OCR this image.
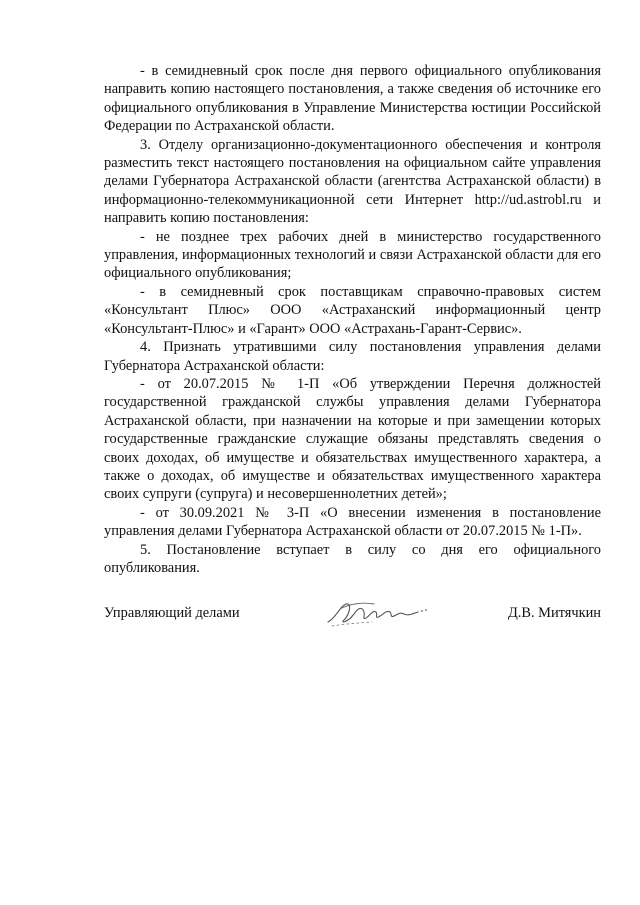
- в семидневный срок после дня первого официального опубликования направить копию настоящего постановления, а также сведения об источнике его официального опубликования в Управление Министерства юстиции Российской Федерации по Астраханской области.

3. Отделу организационно-документационного обеспечения и контроля разместить текст настоящего постановления на официальном сайте управления делами Губернатора Астраханской области (агентства Астраханской области) в информационно-телекоммуникационной сети Интернет http://ud.astrobl.ru и направить копию постановления:

- не позднее трех рабочих дней в министерство государственного управления, информационных технологий и связи Астраханской области для его официального опубликования;

- в семидневный срок поставщикам справочно-правовых систем «Консультант Плюс» ООО «Астраханский информационный центр «Консультант-Плюс» и «Гарант» ООО «Астрахань-Гарант-Сервис».

4. Признать утратившими силу постановления управления делами Губернатора Астраханской области:

- от 20.07.2015 № 1-П «Об утверждении Перечня должностей государственной гражданской службы управления делами Губернатора Астраханской области, при назначении на которые и при замещении которых государственные гражданские служащие обязаны представлять сведения о своих доходах, об имуществе и обязательствах имущественного характера, а также о доходах, об имуществе и обязательствах имущественного характера своих супруги (супруга) и несовершеннолетних детей»;

- от 30.09.2021 № 3-П «О внесении изменения в постановление управления делами Губернатора Астраханской области от 20.07.2015 № 1-П».

5. Постановление вступает в силу со дня его официального опубликования.

Управляющий делами	Д.В. Митячкин
